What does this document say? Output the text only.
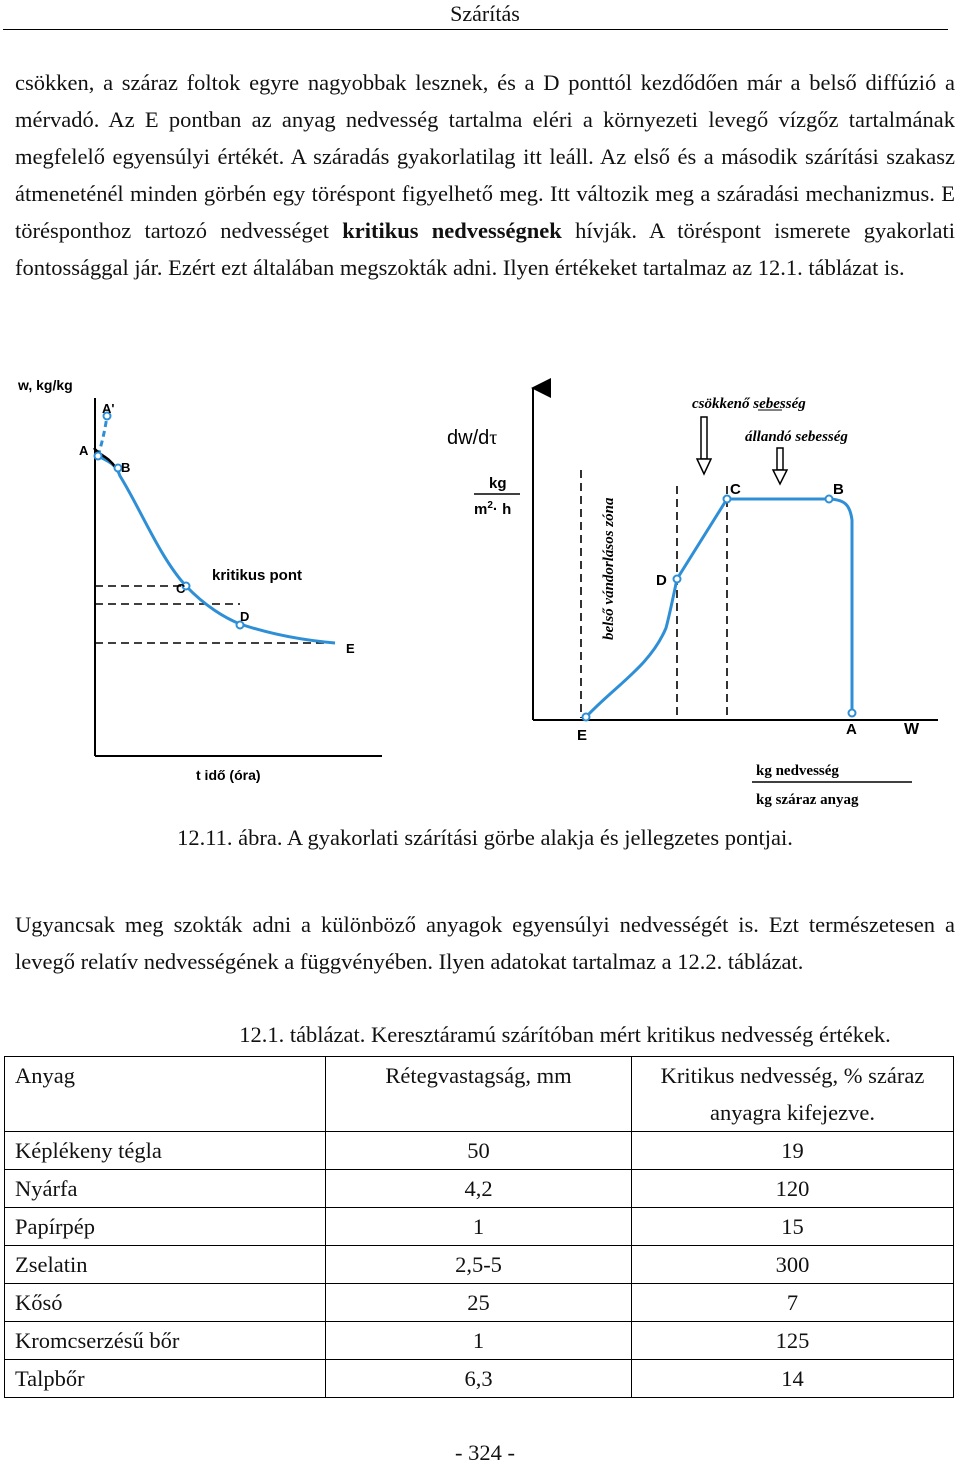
Szárítás

csökken, a száraz foltok egyre nagyobbak lesznek, és a D ponttól kezdődően már a belső diffúzió a mérvadó. Az E pontban az anyag nedvesség tartalma eléri a környezeti levegő vízgőz tartalmának megfelelő egyensúlyi értékét. A száradás gyakorlatilag itt leáll. Az első és a második szárítási szakasz átmeneténél minden görbén egy töréspont figyelhető meg. Itt változik meg a száradási mechanizmus. E törésponthoz tartozó nedvességet kritikus nedvességnek hívják. A töréspont ismerete gyakorlati fontossággal jár. Ezért ezt általában megszokták adni. Ilyen értékeket tartalmaz az 12.1. táblázat is.

w, kg/kg
A'
A
B
kritikus pont
C
D
E
t idő (óra)
dw/dτ
kg
$m^2\cdot h$	belső vándorlásos zóna
csökkenő sebesség
állandó sebesség
C	B
D
E	A	W
kg nedvesség
kg száraz anyag
12.11. ábra. A gyakorlati szárítási görbe alakja és jellegzetes pontjai.

Ugyancsak meg szokták adni a különböző anyagok egyensúlyi nedvességét is. Ezt természetesen a levegő relatív nedvességének a függvényében. Ilyen adatokat tartalmaz a 12.2. táblázat.

12.1. táblázat. Keresztáramú szárítóban mért kritikus nedvesség értékek.
Anyag	Rétegvastagság, mm	Kritikus nedvesség, % száraz anyagra kifejezve.
Képlékeny tégla	50	19
Nyárfa	4,2	120
Papírpép	1	15
Zselatin	2,5-5	300
Kősó	25	7
Kromcserzésű bőr	1	125
Talpbőr	6,3	14
- 324 -
